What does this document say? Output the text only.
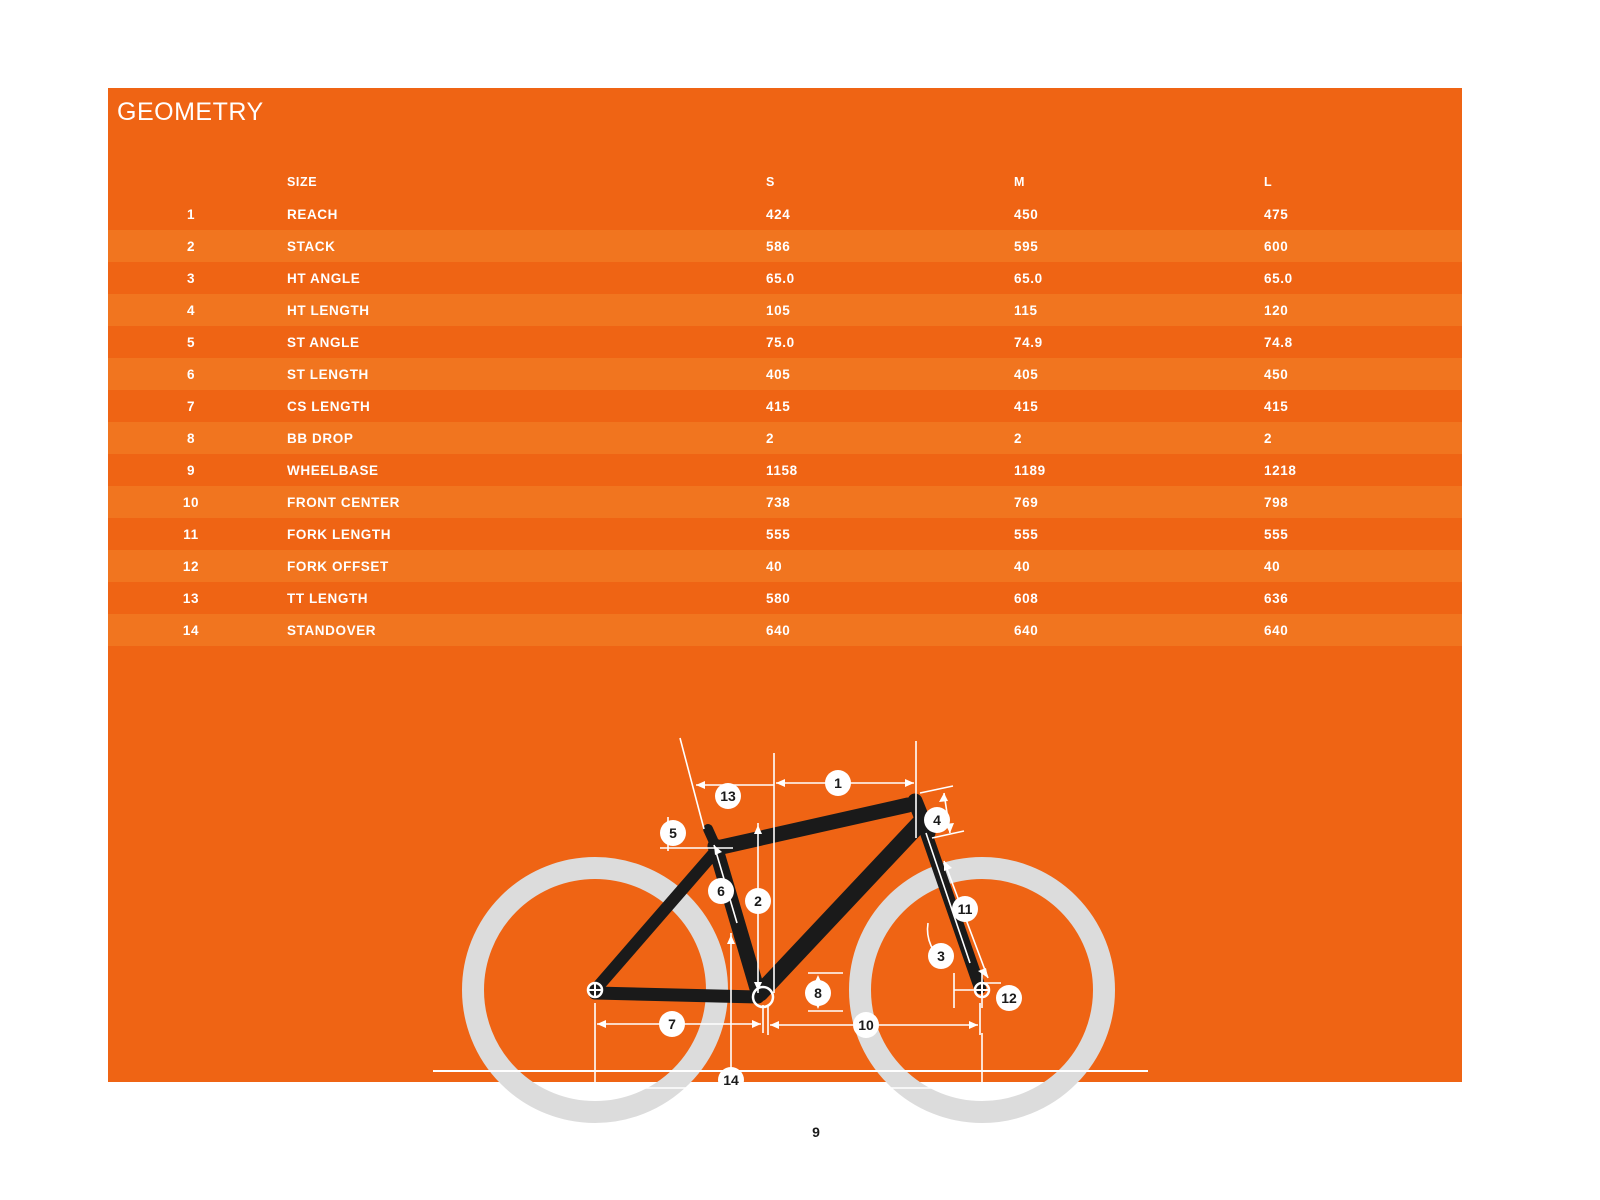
GEOMETRY
	SIZE	S	M	L
1	REACH	424	450	475
2	STACK	586	595	600
3	HT ANGLE	65.0	65.0	65.0
4	HT LENGTH	105	115	120
5	ST ANGLE	75.0	74.9	74.8
6	ST LENGTH	405	405	450
7	CS LENGTH	415	415	415
8	BB DROP	2	2	2
9	WHEELBASE	1158	1189	1218
10	FRONT CENTER	738	769	798
11	FORK LENGTH	555	555	555
12	FORK OFFSET	40	40	40
13	TT LENGTH	580	608	636
14	STANDOVER	640	640	640
1
2
3
4
5
6
7
8
9
10
11
12
13
14
